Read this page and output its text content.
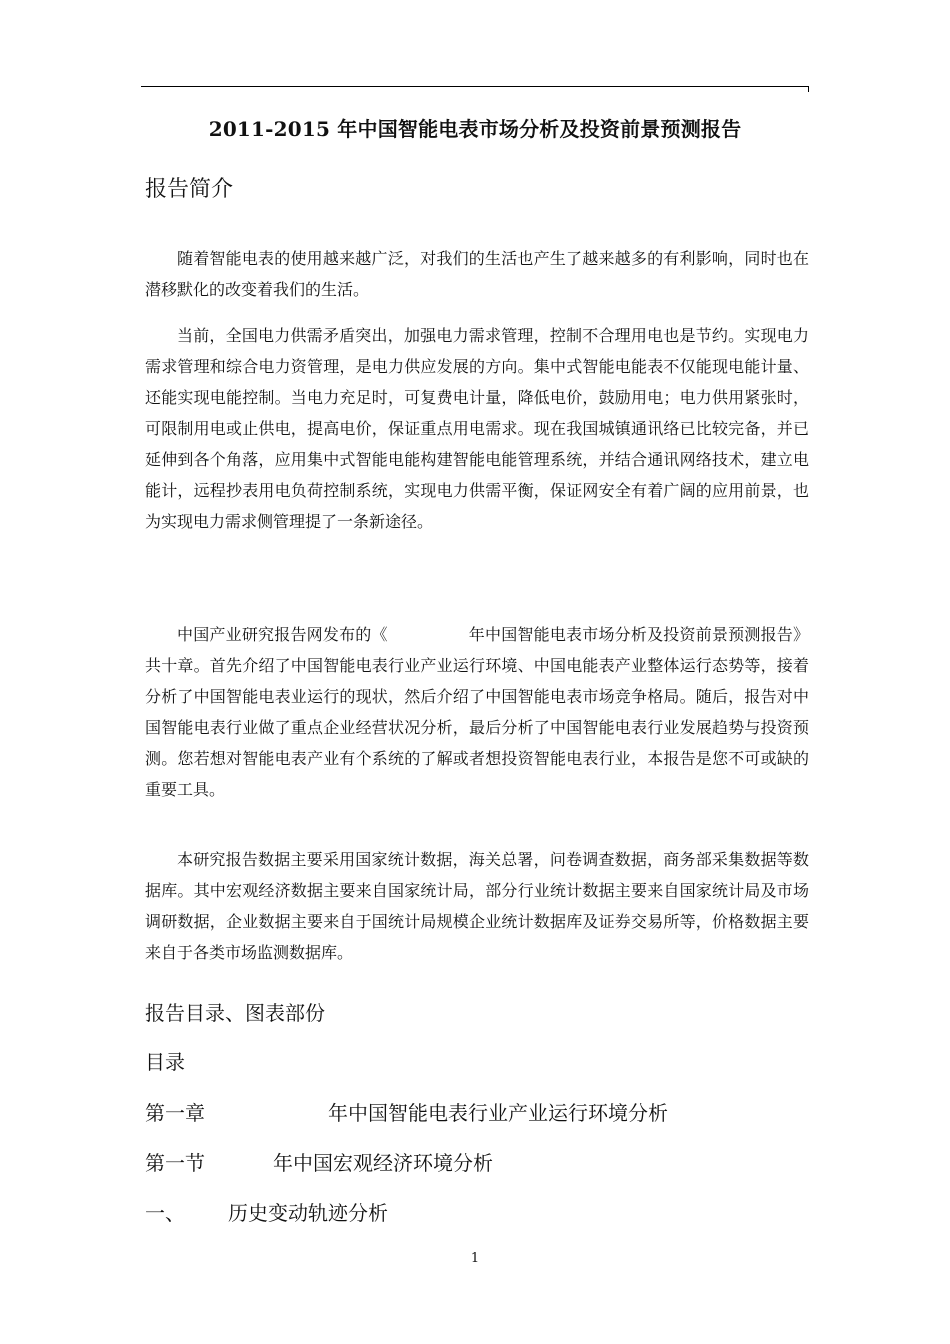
2011-2015 年中国智能电表市场分析及投资前景预测报告
报告简介
随着智能电表的使用越来越广泛，对我们的生活也产生了越来越多的有利影响，同时也在潜移默化的改变着我们的生活。
当前，全国电力供需矛盾突出，加强电力需求管理，控制不合理用电也是节约。实现电力需求管理和综合电力资管理，是电力供应发展的方向。集中式智能电能表不仅能现电能计量、还能实现电能控制。当电力充足时，可复费电计量，降低电价，鼓励用电；电力供用紧张时，可限制用电或止供电，提高电价，保证重点用电需求。现在我国城镇通讯络已比较完备，并已延伸到各个角落，应用集中式智能电能构建智能电能管理系统，并结合通讯网络技术，建立电能计，远程抄表用电负荷控制系统，实现电力供需平衡，保证网安全有着广阔的应用前景，也为实现电力需求侧管理提了一条新途径。
中国产业研究报告网发布的《　　　　　年中国智能电表市场分析及投资前景预测报告》共十章。首先介绍了中国智能电表行业产业运行环境、中国电能表产业整体运行态势等，接着分析了中国智能电表业运行的现状，然后介绍了中国智能电表市场竞争格局。随后，报告对中国智能电表行业做了重点企业经营状况分析，最后分析了中国智能电表行业发展趋势与投资预测。您若想对智能电表产业有个系统的了解或者想投资智能电表行业，本报告是您不可或缺的重要工具。
本研究报告数据主要采用国家统计数据，海关总署，问卷调查数据，商务部采集数据等数据库。其中宏观经济数据主要来自国家统计局，部分行业统计数据主要来自国家统计局及市场调研数据，企业数据主要来自于国统计局规模企业统计数据库及证券交易所等，价格数据主要来自于各类市场监测数据库。
报告目录、图表部份
目录
第一章	年中国智能电表行业产业运行环境分析
第一节	年中国宏观经济环境分析
一、 历史变动轨迹分析
1
